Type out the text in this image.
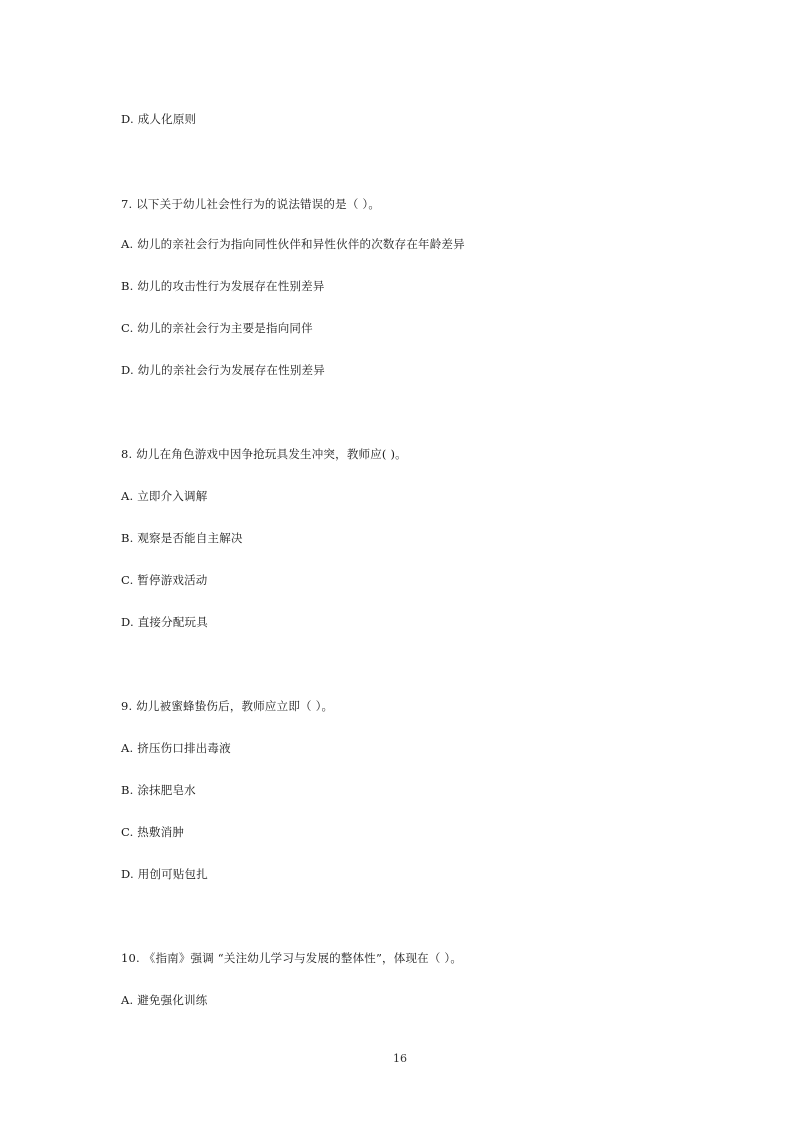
D. 成人化原则
7. 以下关于幼儿社会性行为的说法错误的是（ ）。
A. 幼儿的亲社会行为指向同性伙伴和异性伙伴的次数存在年龄差异
B. 幼儿的攻击性行为发展存在性别差异
C. 幼儿的亲社会行为主要是指向同伴
D. 幼儿的亲社会行为发展存在性别差异
8. 幼儿在角色游戏中因争抢玩具发生冲突，教师应( )。
A. 立即介入调解
B. 观察是否能自主解决
C. 暂停游戏活动
D. 直接分配玩具
9. 幼儿被蜜蜂蛰伤后，教师应立即（ ）。
A. 挤压伤口排出毒液
B. 涂抹肥皂水
C. 热敷消肿
D. 用创可贴包扎
10. 《指南》强调 “关注幼儿学习与发展的整体性”，体现在（ ）。
A. 避免强化训练
16
